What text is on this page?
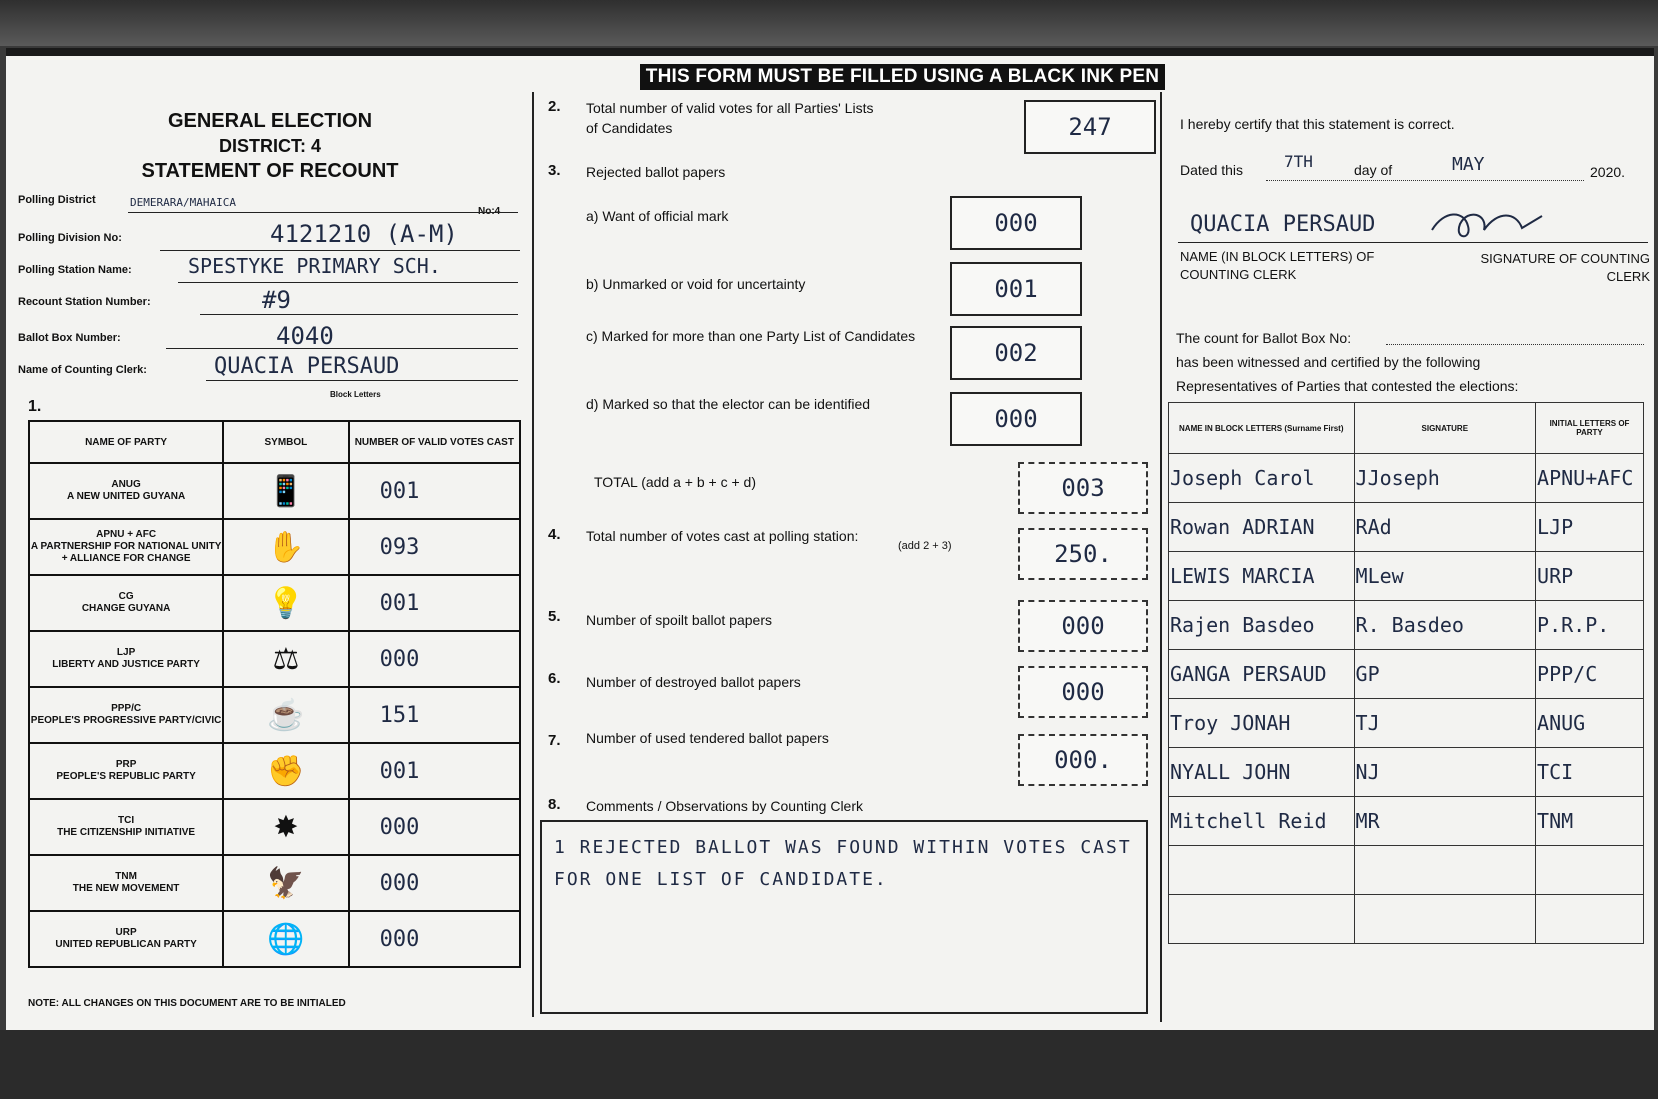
THIS FORM MUST BE FILLED USING A BLACK INK PEN
GENERAL ELECTION
DISTRICT: 4
STATEMENT OF RECOUNT
Polling District	DEMERARA/MAHAICA
No:4
Polling Division No:	4121210 (A-M)
Polling Station Name:	SPESTYKE PRIMARY SCH.
Recount Station Number:	#9
Ballot Box Number:	4040
Name of Counting Clerk:	QUACIA PERSAUD
Block Letters
1.
NAME OF PARTY	SYMBOL	NUMBER OF VALID VOTES CAST
ANUG
A NEW UNITED GUYANA	📱	001
APNU + AFC
A PARTNERSHIP FOR NATIONAL UNITY + ALLIANCE FOR CHANGE	✋	093
CG
CHANGE GUYANA	💡	001
LJP
LIBERTY AND JUSTICE PARTY	⚖	000
PPP/C
PEOPLE'S PROGRESSIVE PARTY/CIVIC	☕	151
PRP
PEOPLE'S REPUBLIC PARTY	✊	001
TCI
THE CITIZENSHIP INITIATIVE	✸	000
TNM
THE NEW MOVEMENT	🦅	000
URP
UNITED REPUBLICAN PARTY	🌐	000
NOTE: ALL CHANGES ON THIS DOCUMENT ARE TO BE INITIALED
2. Total number of valid votes for all Parties' Lists of Candidates	247
3. Rejected ballot papers
a) Want of official mark	000
b) Unmarked or void for uncertainty	001
c) Marked for more than one Party List of Candidates
002
d) Marked so that the elector can be identified
000
TOTAL (add a + b + c + d)	003
4. Total number of votes cast at polling station:
(add 2 + 3)	250.
5. Number of spoilt ballot papers	000
6. Number of destroyed ballot papers	000
7. Number of used tendered ballot papers
000.
8. Comments / Observations by Counting Clerk
1 REJECTED BALLOT WAS FOUND WITHIN VOTES CAST FOR ONE LIST OF CANDIDATE.
I hereby certify that this statement is correct.
Dated this	7TH	day of	MAY	2020.
QUACIA PERSAUD
NAME (IN BLOCK LETTERS) OF COUNTING CLERK
SIGNATURE OF COUNTING CLERK
The count for Ballot Box No:
has been witnessed and certified by the following
Representatives of Parties that contested the elections:
NAME IN BLOCK LETTERS (Surname First)	SIGNATURE	INITIAL LETTERS OF PARTY
Joseph Carol	JJoseph	APNU+AFC
Rowan ADRIAN	RAd	LJP
LEWIS MARCIA	MLew	URP
Rajen Basdeo	R. Basdeo	P.R.P.
GANGA PERSAUD	GP	PPP/C
Troy JONAH	TJ	ANUG
NYALL JOHN	NJ	TCI
Mitchell Reid	MR	TNM
